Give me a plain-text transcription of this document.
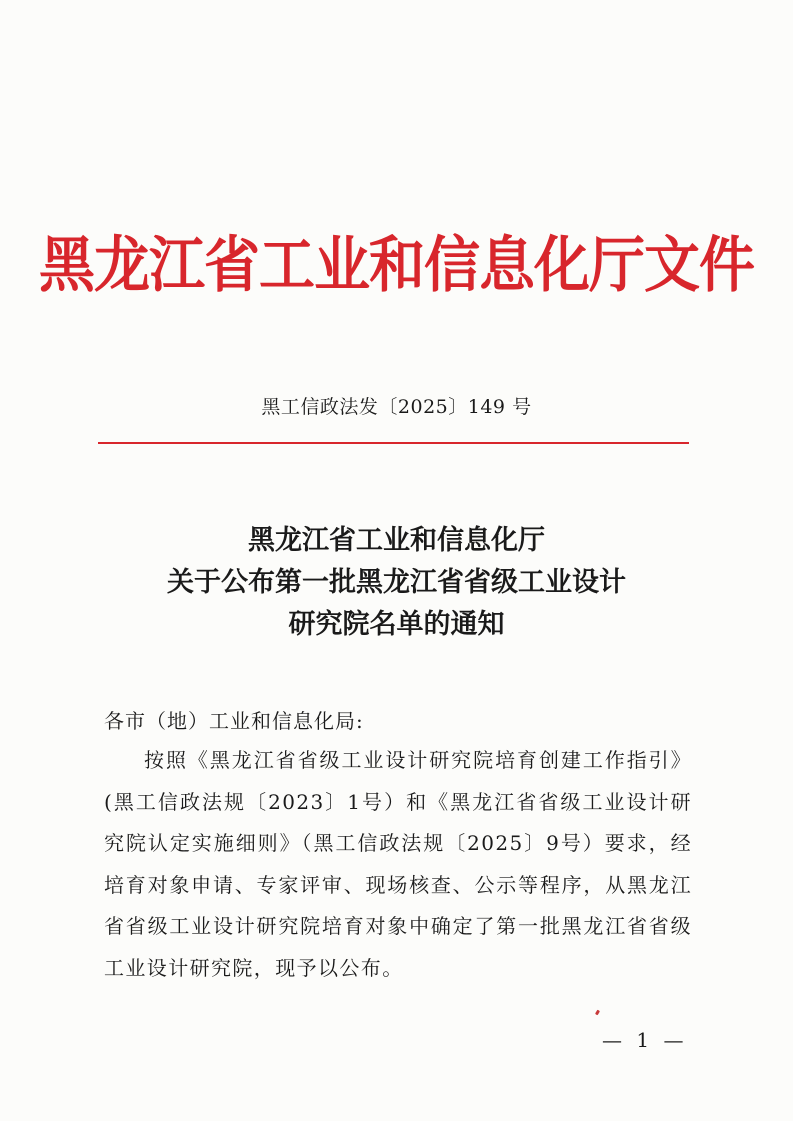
黑龙江省工业和信息化厅文件
黑工信政法发〔2025〕149 号
黑龙江省工业和信息化厅
关于公布第一批黑龙江省省级工业设计
研究院名单的通知
各市（地）工业和信息化局:

按照《黑龙江省省级工业设计研究院培育创建工作指引》(黑工信政法规〔2023〕1号）和《黑龙江省省级工业设计研究院认定实施细则》（黑工信政法规〔2025〕9号）要求，经培育对象申请、专家评审、现场核查、公示等程序，从黑龙江省省级工业设计研究院培育对象中确定了第一批黑龙江省省级工业设计研究院，现予以公布。

— 1 —
